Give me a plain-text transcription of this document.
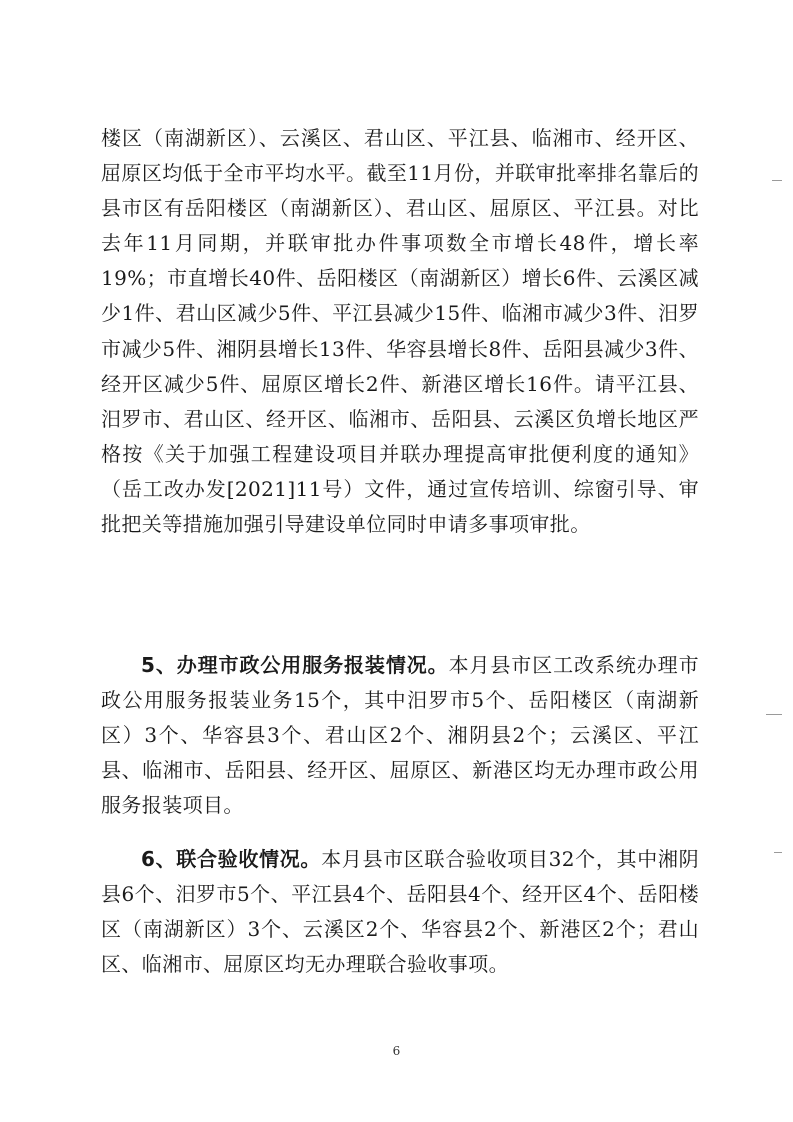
楼区（南湖新区）、云溪区、君山区、平江县、临湘市、经开区、屈原区均低于全市平均水平。截至11月份，并联审批率排名靠后的县市区有岳阳楼区（南湖新区）、君山区、屈原区、平江县。对比去年11月同期，并联审批办件事项数全市增长48件，增长率19%；市直增长40件、岳阳楼区（南湖新区）增长6件、云溪区减少1件、君山区减少5件、平江县减少15件、临湘市减少3件、汨罗市减少5件、湘阴县增长13件、华容县增长8件、岳阳县减少3件、经开区减少5件、屈原区增长2件、新港区增长16件。请平江县、汨罗市、君山区、经开区、临湘市、岳阳县、云溪区负增长地区严格按《关于加强工程建设项目并联办理提高审批便利度的通知》（岳工改办发[2021]11号）文件，通过宣传培训、综窗引导、审批把关等措施加强引导建设单位同时申请多事项审批。

5、办理市政公用服务报装情况。本月县市区工改系统办理市政公用服务报装业务15个，其中汨罗市5个、岳阳楼区（南湖新区）3个、华容县3个、君山区2个、湘阴县2个；云溪区、平江县、临湘市、岳阳县、经开区、屈原区、新港区均无办理市政公用服务报装项目。

6、联合验收情况。本月县市区联合验收项目32个，其中湘阴县6个、汨罗市5个、平江县4个、岳阳县4个、经开区4个、岳阳楼区（南湖新区）3个、云溪区2个、华容县2个、新港区2个；君山区、临湘市、屈原区均无办理联合验收事项。

6
